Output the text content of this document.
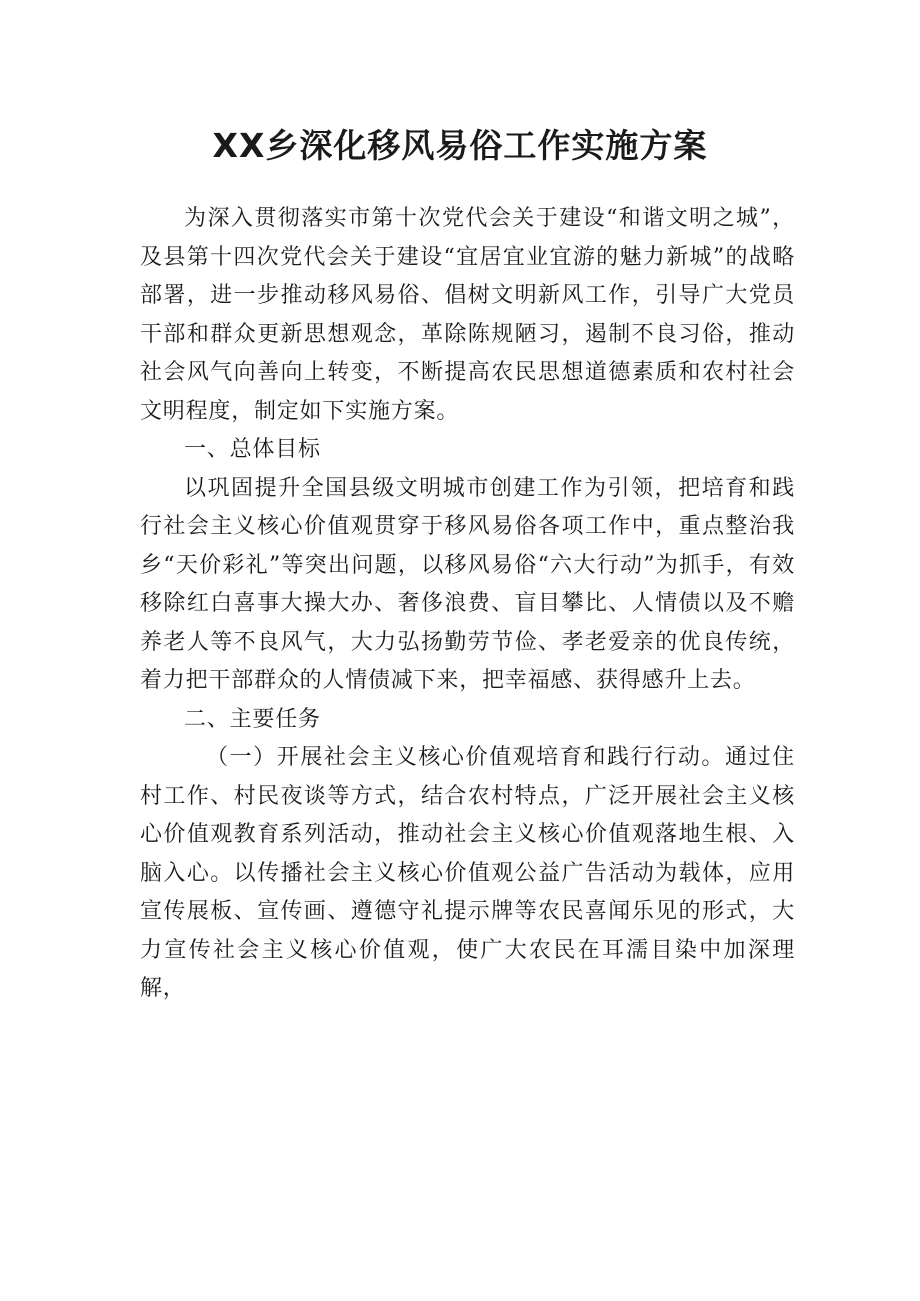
XX乡深化移风易俗工作实施方案

为深入贯彻落实市第十次党代会关于建设“和谐文明之城”，及县第十四次党代会关于建设“宜居宜业宜游的魅力新城”的战略部署，进一步推动移风易俗、倡树文明新风工作，引导广大党员干部和群众更新思想观念，革除陈规陋习，遏制不良习俗，推动社会风气向善向上转变，不断提高农民思想道德素质和农村社会文明程度，制定如下实施方案。

一、总体目标

以巩固提升全国县级文明城市创建工作为引领，把培育和践行社会主义核心价值观贯穿于移风易俗各项工作中，重点整治我乡“天价彩礼”等突出问题，以移风易俗“六大行动”为抓手，有效移除红白喜事大操大办、奢侈浪费、盲目攀比、人情债以及不赡养老人等不良风气，大力弘扬勤劳节俭、孝老爱亲的优良传统，着力把干部群众的人情债减下来，把幸福感、获得感升上去。

二、主要任务

（一）开展社会主义核心价值观培育和践行行动。通过住村工作、村民夜谈等方式，结合农村特点，广泛开展社会主义核心价值观教育系列活动，推动社会主义核心价值观落地生根、入脑入心。以传播社会主义核心价值观公益广告活动为载体，应用宣传展板、宣传画、遵德守礼提示牌等农民喜闻乐见的形式，大力宣传社会主义核心价值观，使广大农民在耳濡目染中加深理解，
